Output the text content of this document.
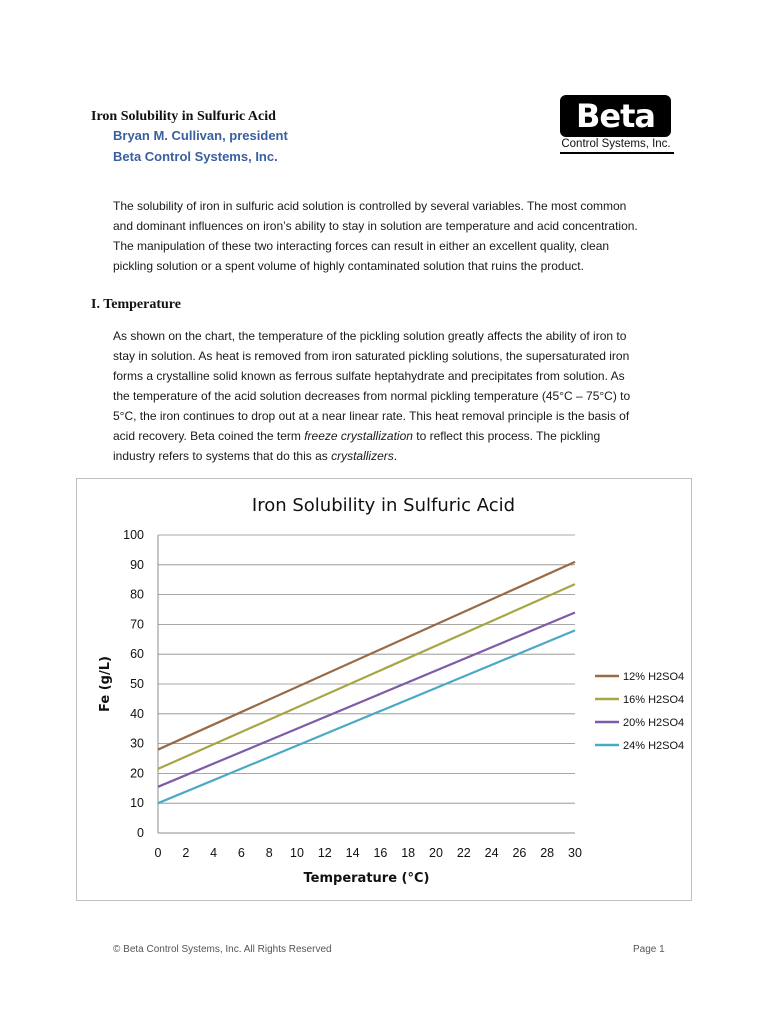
Iron Solubility in Sulfuric Acid
Bryan M. Cullivan, president
Beta Control Systems, Inc.
Beta
Control Systems, Inc.
The solubility of iron in sulfuric acid solution is controlled by several variables. The most common
and dominant influences on iron’s ability to stay in solution are temperature and acid concentration.
The manipulation of these two interacting forces can result in either an excellent quality, clean
pickling solution or a spent volume of highly contaminated solution that ruins the product.
I. Temperature
As shown on the chart, the temperature of the pickling solution greatly affects the ability of iron to
stay in solution. As heat is removed from iron saturated pickling solutions, the supersaturated iron
forms a crystalline solid known as ferrous sulfate heptahydrate and precipitates from solution. As
the temperature of the acid solution decreases from normal pickling temperature (45°C – 75°C) to
5°C, the iron continues to drop out at a near linear rate. This heat removal principle is the basis of
acid recovery. Beta coined the term freeze crystallization to reflect this process. The pickling
industry refers to systems that do this as crystallizers.
Iron Solubility in Sulfuric Acid
0
10
20
30
40
50
60
70
80
90
100
0 2 4 6 8 10 12 14 16 18 20 22 24 26 28 30
Temperature (°C)
Fe (g/L)	12% H2SO4
16% H2SO4
20% H2SO4
24% H2SO4
© Beta Control Systems, Inc. All Rights Reserved	Page 1
